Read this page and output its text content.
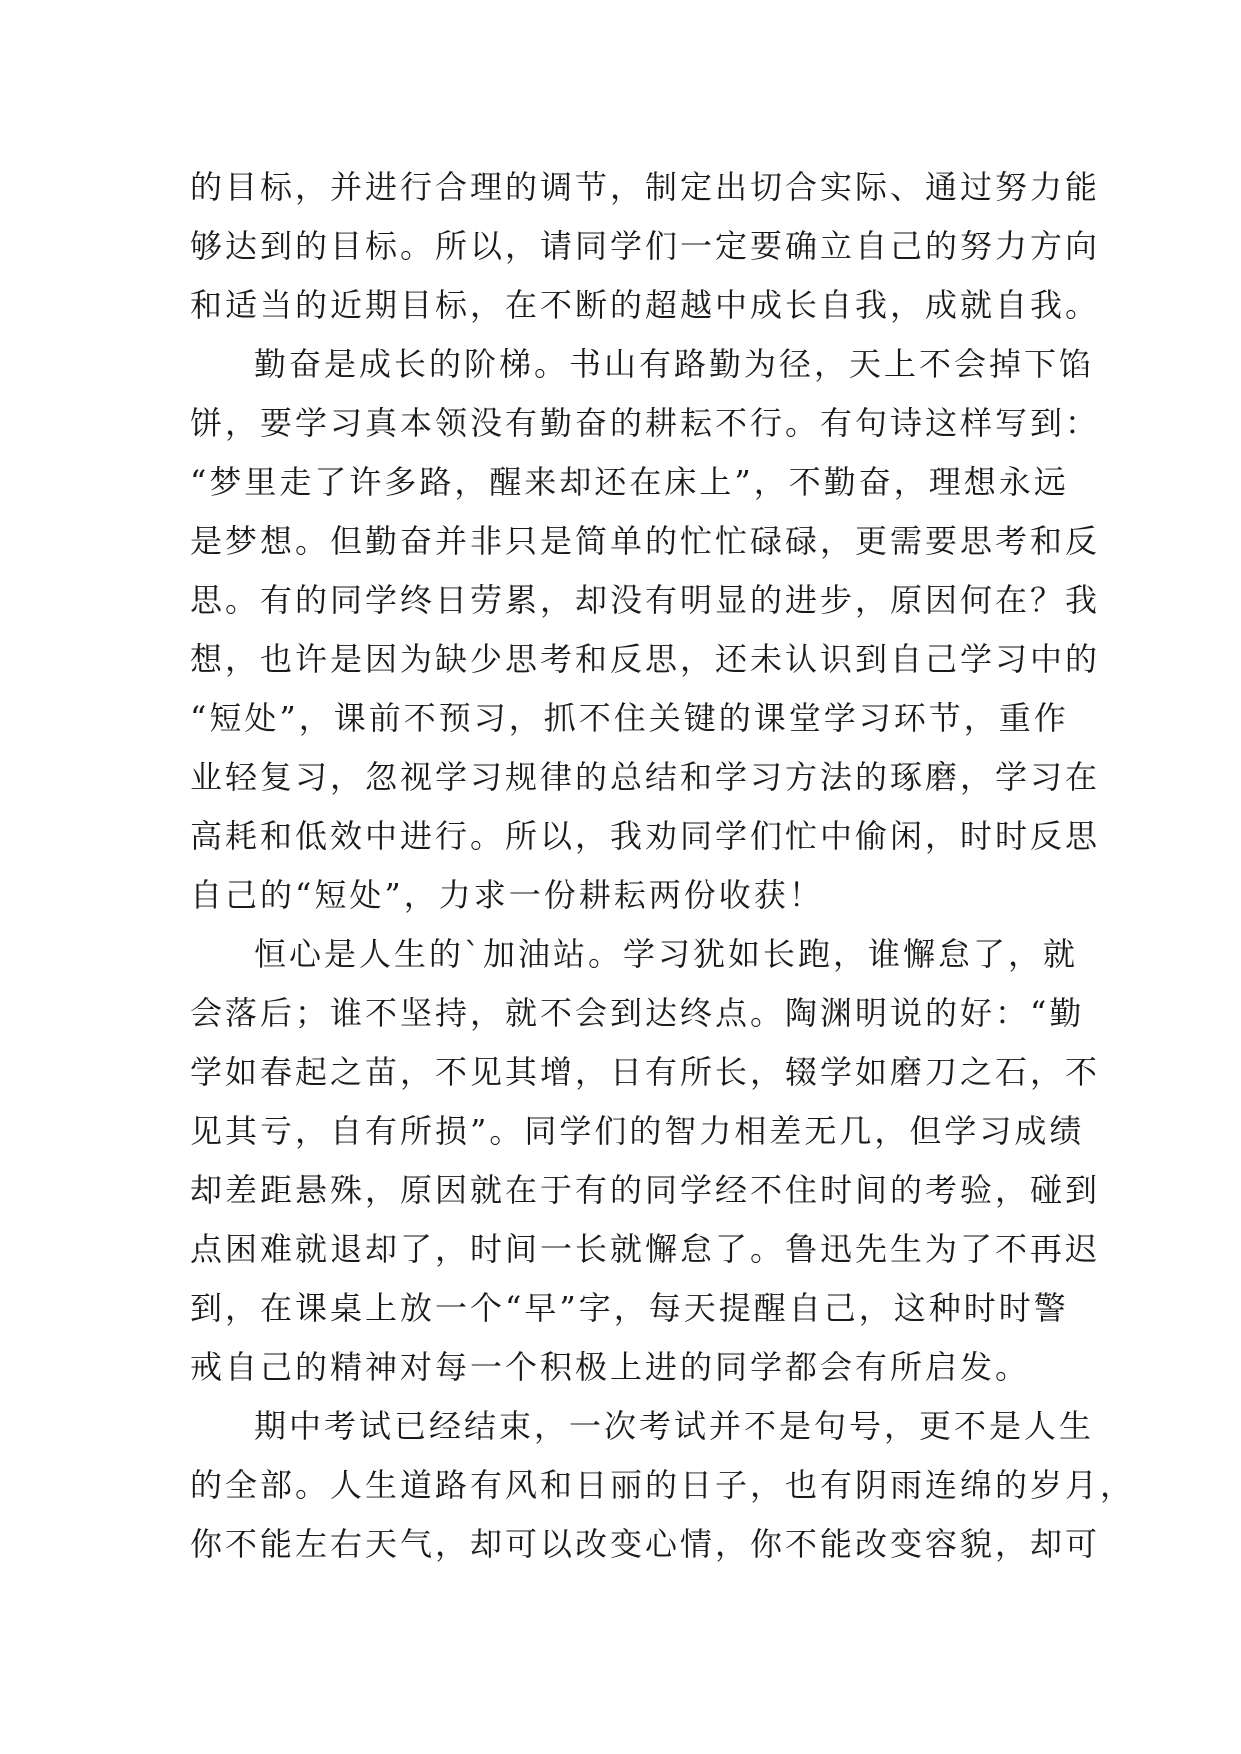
的目标，并进行合理的调节，制定出切合实际、通过努力能
够达到的目标。所以，请同学们一定要确立自己的努力方向
和适当的近期目标，在不断的超越中成长自我，成就自我。
勤奋是成长的阶梯。书山有路勤为径，天上不会掉下馅
饼，要学习真本领没有勤奋的耕耘不行。有句诗这样写到：
“梦里走了许多路，醒来却还在床上”，不勤奋，理想永远
是梦想。但勤奋并非只是简单的忙忙碌碌，更需要思考和反
思。有的同学终日劳累，却没有明显的进步，原因何在？我
想，也许是因为缺少思考和反思，还未认识到自己学习中的
“短处”，课前不预习，抓不住关键的课堂学习环节，重作
业轻复习，忽视学习规律的总结和学习方法的琢磨，学习在
高耗和低效中进行。所以，我劝同学们忙中偷闲，时时反思
自己的“短处”，力求一份耕耘两份收获！
恒心是人生的`加油站。学习犹如长跑，谁懈怠了，就
会落后；谁不坚持，就不会到达终点。陶渊明说的好：“勤
学如春起之苗，不见其增，日有所长，辍学如磨刀之石，不
见其亏，自有所损”。同学们的智力相差无几，但学习成绩
却差距悬殊，原因就在于有的同学经不住时间的考验，碰到
点困难就退却了，时间一长就懈怠了。鲁迅先生为了不再迟
到，在课桌上放一个“早”字，每天提醒自己，这种时时警
戒自己的精神对每一个积极上进的同学都会有所启发。
期中考试已经结束，一次考试并不是句号，更不是人生
的全部。人生道路有风和日丽的日子，也有阴雨连绵的岁月，
你不能左右天气，却可以改变心情，你不能改变容貌，却可
